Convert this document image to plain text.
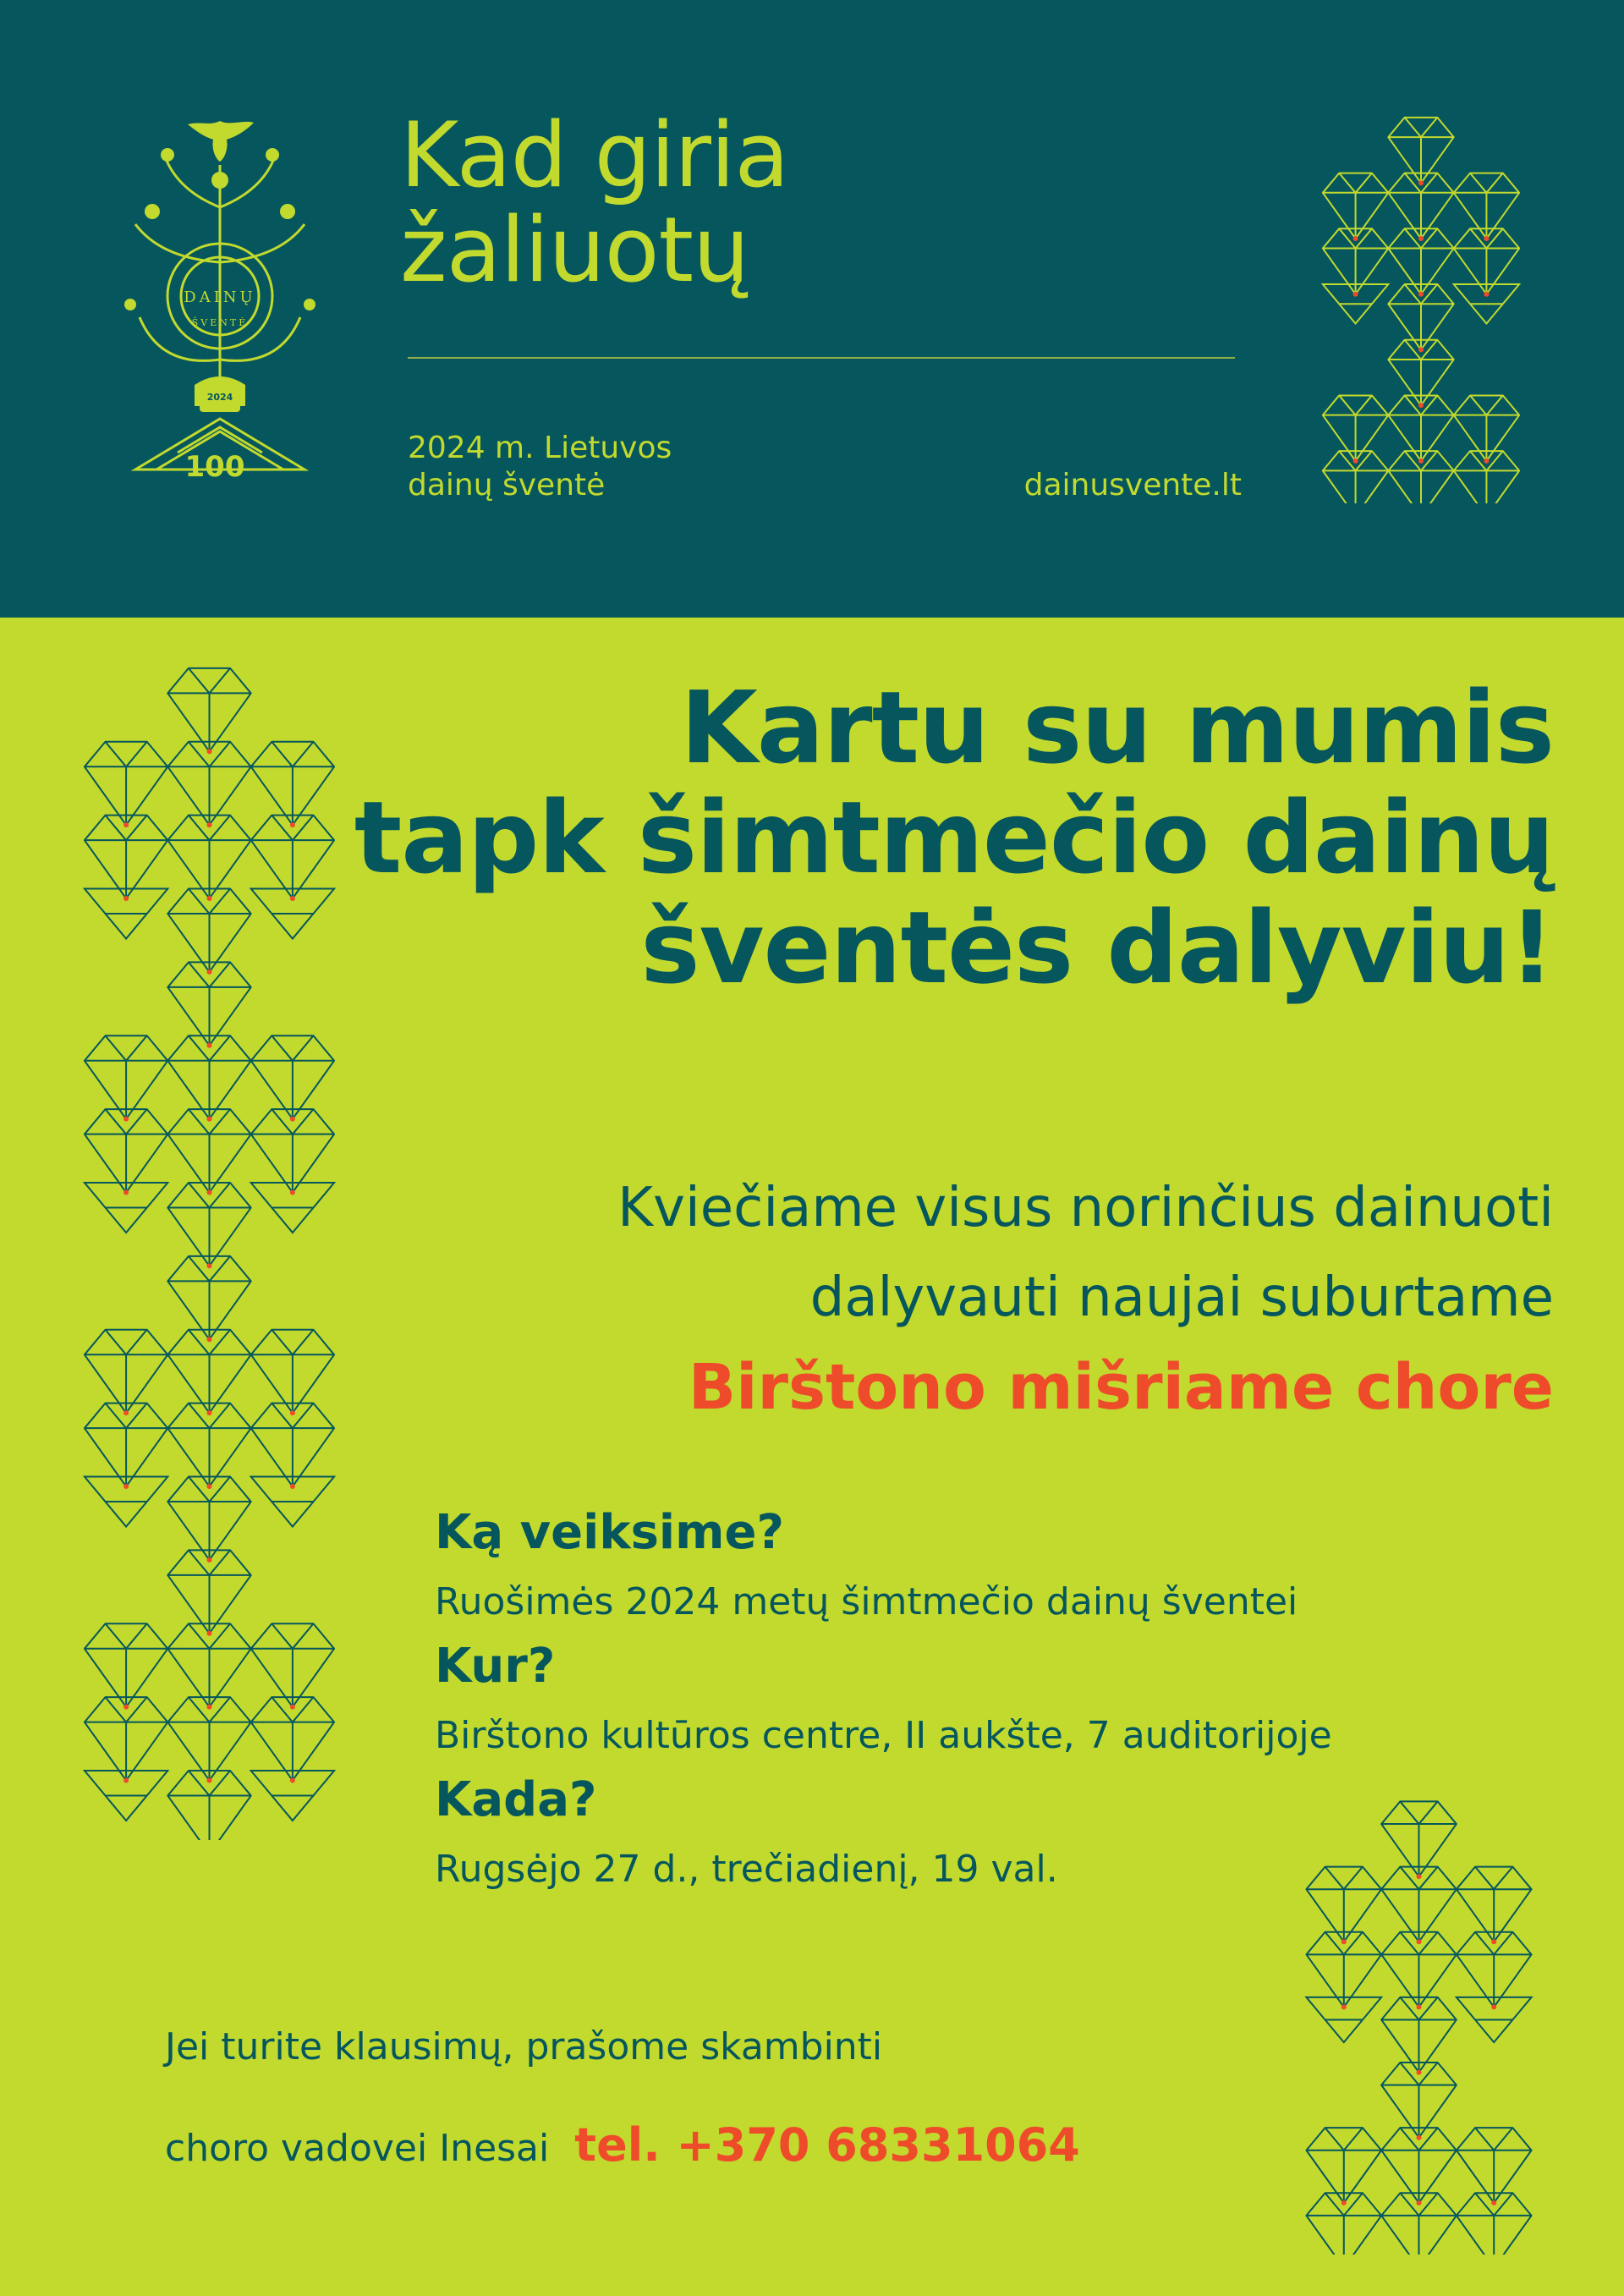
DAINŲ
ŠVENTĖ
2024
100
Kad giria
žaliuotų
2024 m. Lietuvos
dainų šventė	dainusvente.lt
Kartu su mumis
tapk šimtmečio dainų
šventės dalyviu!
Kviečiame visus norinčius dainuoti
dalyvauti naujai suburtame
Birštono mišriame chore
Ką veiksime?
Ruošimės 2024 metų šimtmečio dainų šventei
Kur?
Birštono kultūros centre, II aukšte, 7 auditorijoje
Kada?
Rugsėjo 27 d., trečiadienį, 19 val.
Jei turite klausimų, prašome skambinti
choro vadovei Inesai tel. +370 68331064
